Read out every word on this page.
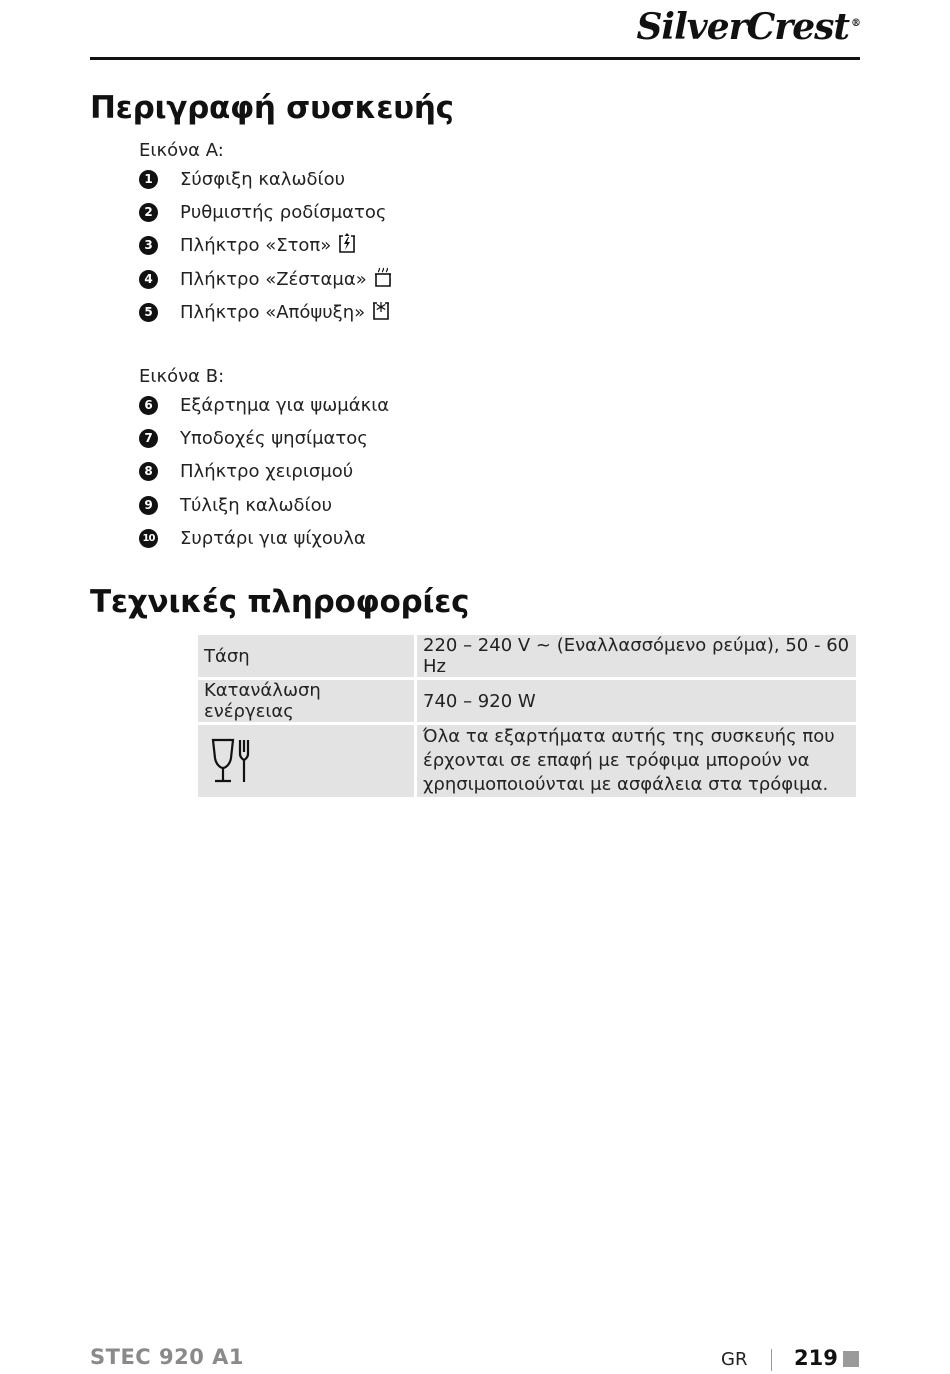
SilverCrest ®
Περιγραφή συσκευής
Εικόνα A:
1 Σύσφιξη καλωδίου
2 Ρυθμιστής ροδίσματος
3 Πλήκτρο «Στοπ»
4 Πλήκτρο «Ζέσταμα»
5 Πλήκτρο «Απόψυξη»
Εικόνα B:
6 Εξάρτημα για ψωμάκια
7 Υποδοχές ψησίματος
8 Πλήκτρο χειρισμού
9 Τύλιξη καλωδίου
10 Συρτάρι για ψίχουλα
Τεχνικές πληροφορίες
Τάση	220 – 240 V ~ (Εναλλασσόμενο ρεύμα), 50 - 60 Hz
Κατανάλωση ενέργειας	740 – 920 W

	Όλα τα εξαρτήματα αυτής της συσκευής που έρχονται σε επαφή με τρόφιμα μπορούν να χρησιμοποιούνται με ασφάλεια στα τρόφιμα.
STEC 920 A1	GR 219
